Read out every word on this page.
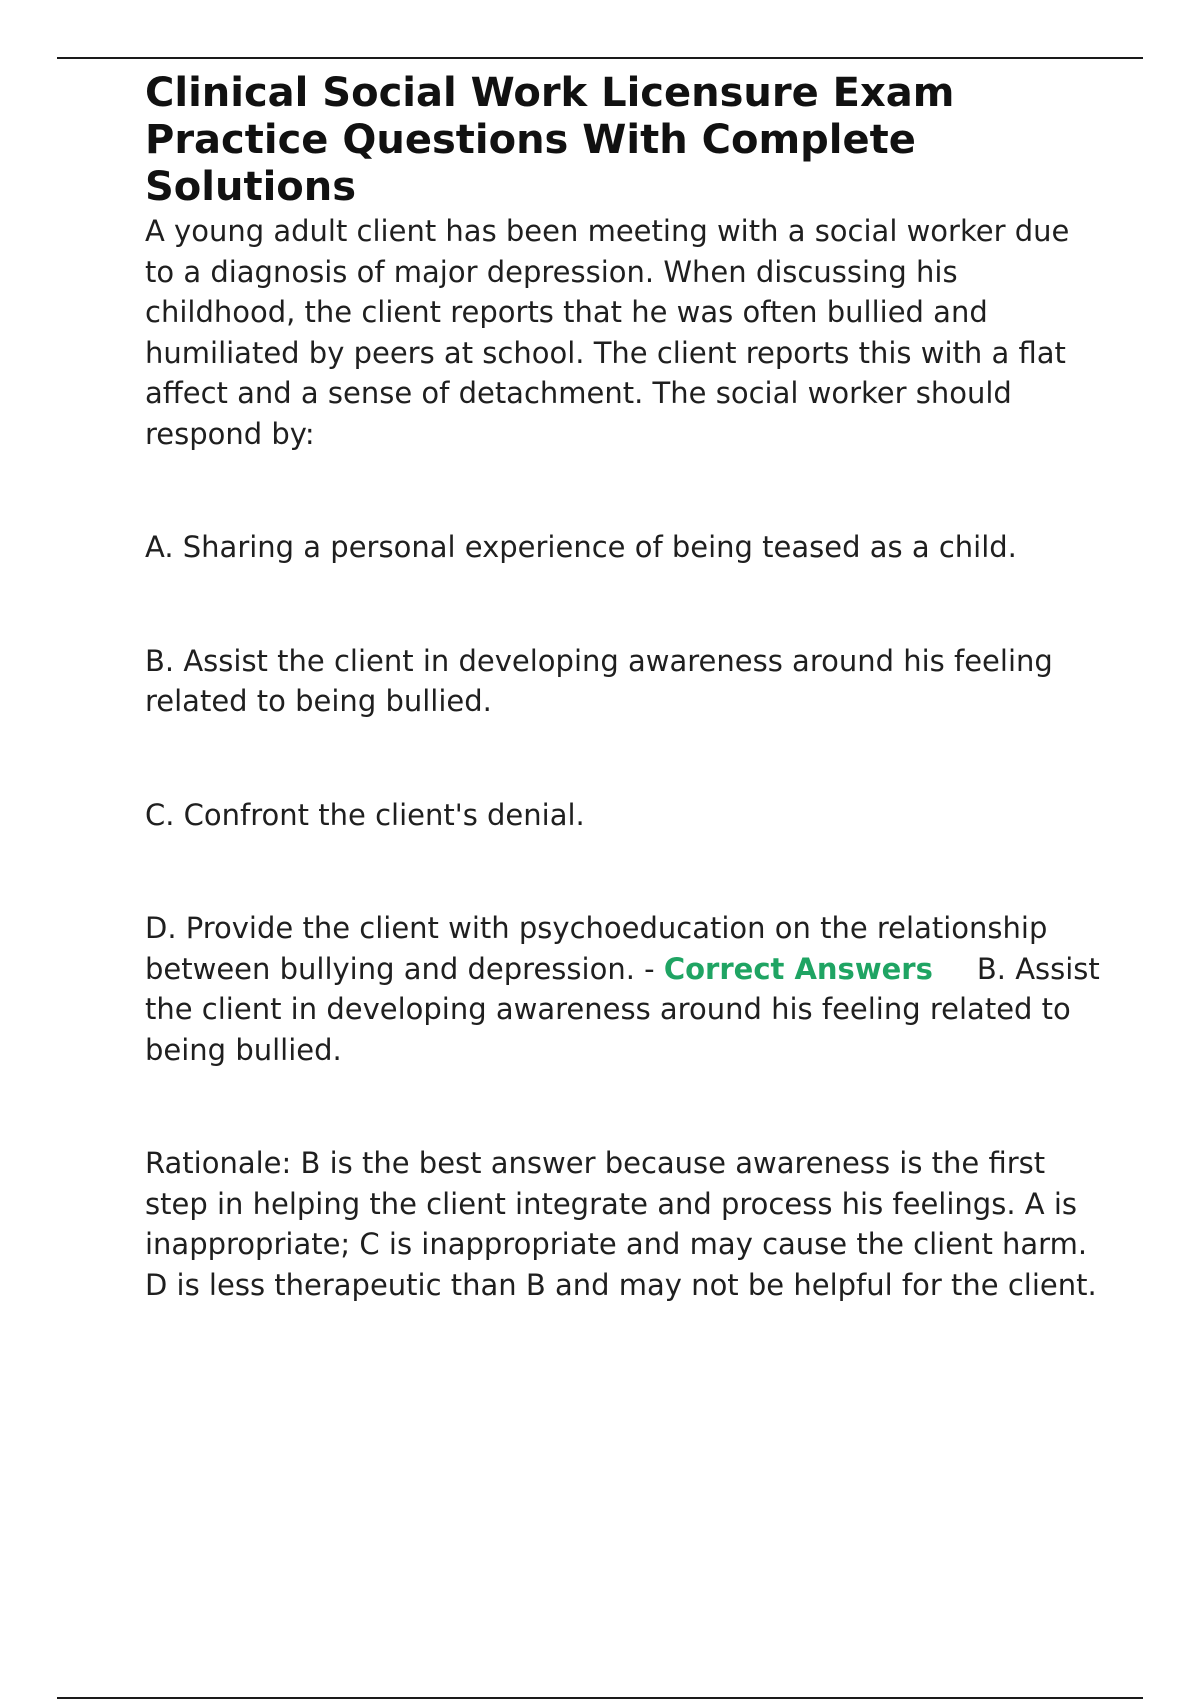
Clinical Social Work Licensure Exam Practice Questions With Complete Solutions

A young adult client has been meeting with a social worker due to a diagnosis of major depression. When discussing his childhood, the client reports that he was often bullied and humiliated by peers at school. The client reports this with a flat affect and a sense of detachment. The social worker should respond by:

A. Sharing a personal experience of being teased as a child.

B. Assist the client in developing awareness around his feeling related to being bullied.

C. Confront the client's denial.

D. Provide the client with psychoeducation on the relationship between bullying and depression. - Correct Answers B. Assist the client in developing awareness around his feeling related to being bullied.

Rationale: B is the best answer because awareness is the first step in helping the client integrate and process his feelings. A is inappropriate; C is inappropriate and may cause the client harm. D is less therapeutic than B and may not be helpful for the client.
